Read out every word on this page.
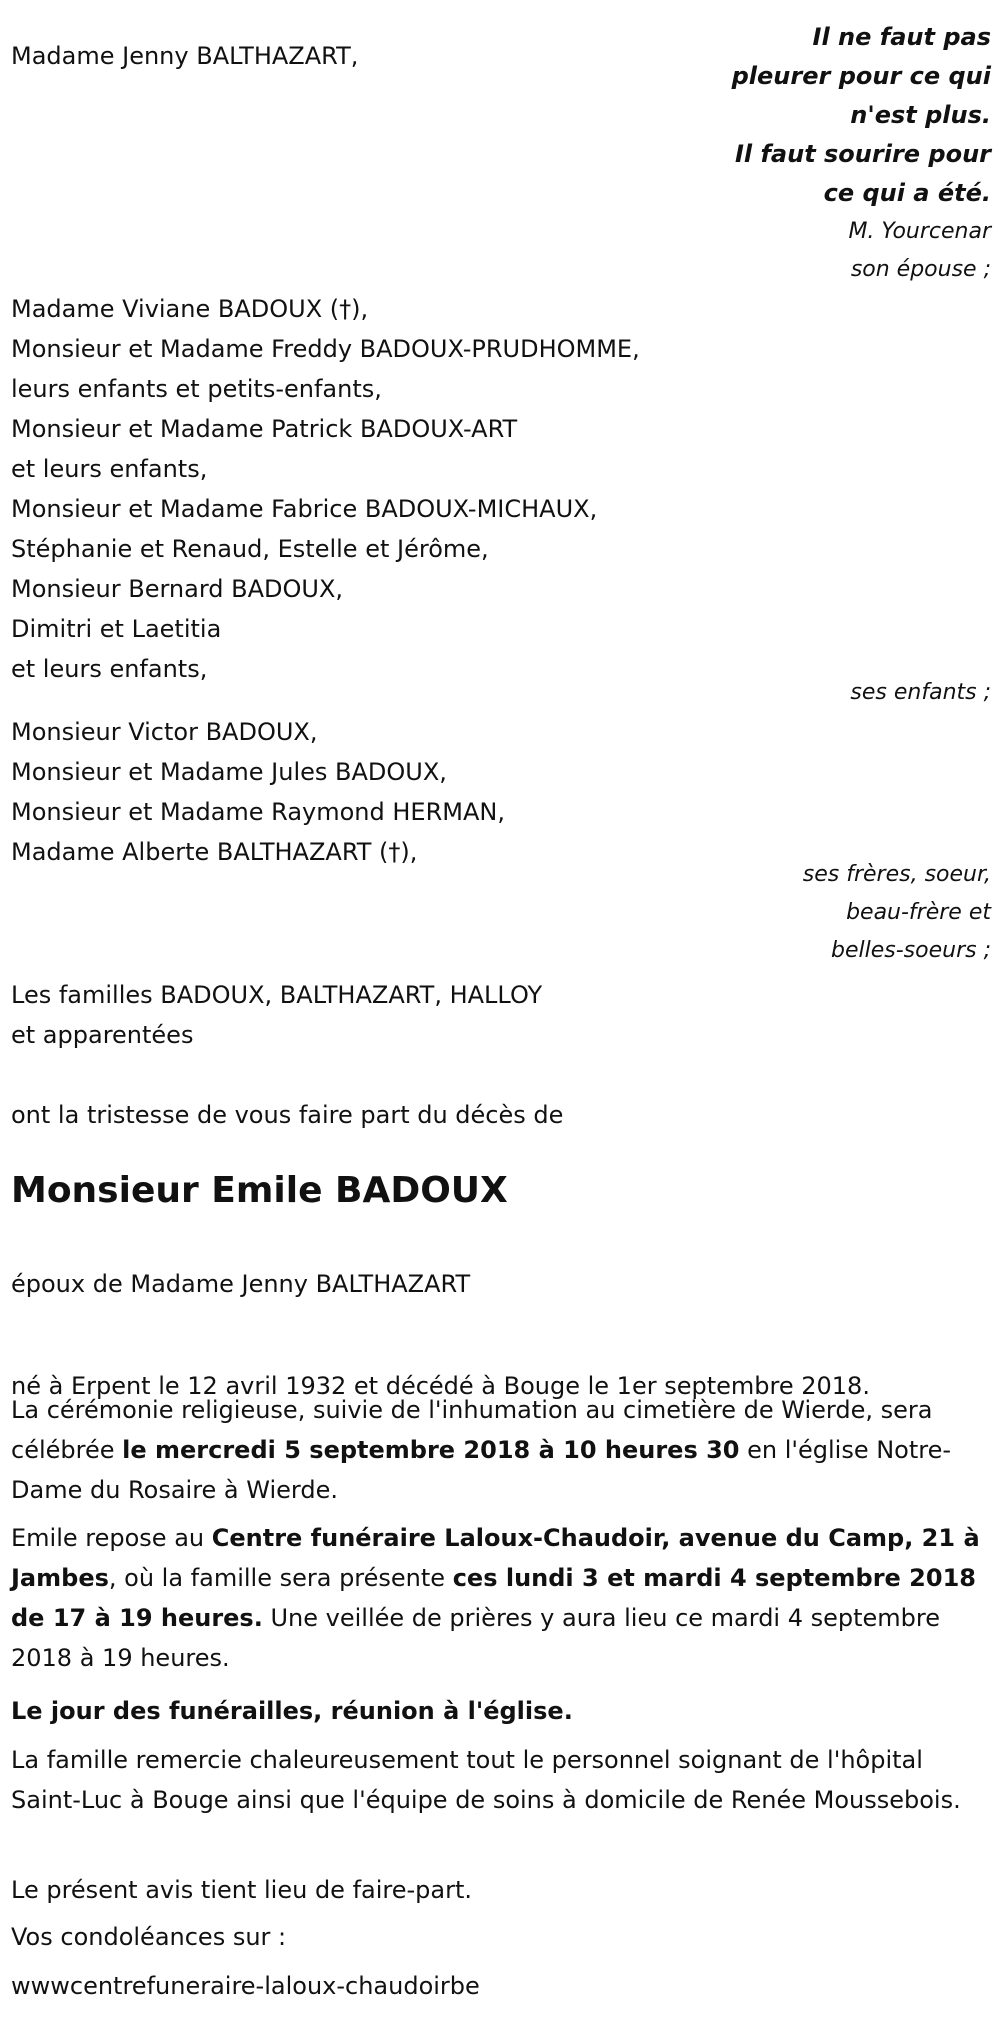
Madame Jenny BALTHAZART,

Il ne faut pas
pleurer pour ce qui
n'est plus.
Il faut sourire pour
ce qui a été.
M. Yourcenar
son épouse ;

Madame Viviane BADOUX (†),

Monsieur et Madame Freddy BADOUX-PRUDHOMME,

leurs enfants et petits-enfants,

Monsieur et Madame Patrick BADOUX-ART

et leurs enfants,

Monsieur et Madame Fabrice BADOUX-MICHAUX,

Stéphanie et Renaud, Estelle et Jérôme,

Monsieur Bernard BADOUX,

Dimitri et Laetitia

et leurs enfants,

ses enfants ;

Monsieur Victor BADOUX,

Monsieur et Madame Jules BADOUX,

Monsieur et Madame Raymond HERMAN,

Madame Alberte BALTHAZART (†),

ses frères, soeur,
beau-frère et
belles-soeurs ;

Les familles BADOUX, BALTHAZART, HALLOY

et apparentées

ont la tristesse de vous faire part du décès de

Monsieur Emile BADOUX

époux de Madame Jenny BALTHAZART

né à Erpent le 12 avril 1932 et décédé à Bouge le 1er septembre 2018.

La cérémonie religieuse, suivie de l'inhumation au cimetière de Wierde, sera célébrée le mercredi 5 septembre 2018 à 10 heures 30 en l'église Notre-Dame du Rosaire à Wierde.

Emile repose au Centre funéraire Laloux-Chaudoir, avenue du Camp, 21 à Jambes, où la famille sera présente ces lundi 3 et mardi 4 septembre 2018 de 17 à 19 heures. Une veillée de prières y aura lieu ce mardi 4 septembre 2018 à 19 heures.

Le jour des funérailles, réunion à l'église.

La famille remercie chaleureusement tout le personnel soignant de l'hôpital Saint-Luc à Bouge ainsi que l'équipe de soins à domicile de Renée Moussebois.

Le présent avis tient lieu de faire-part.

Vos condoléances sur :

wwwcentrefuneraire-laloux-chaudoirbe
